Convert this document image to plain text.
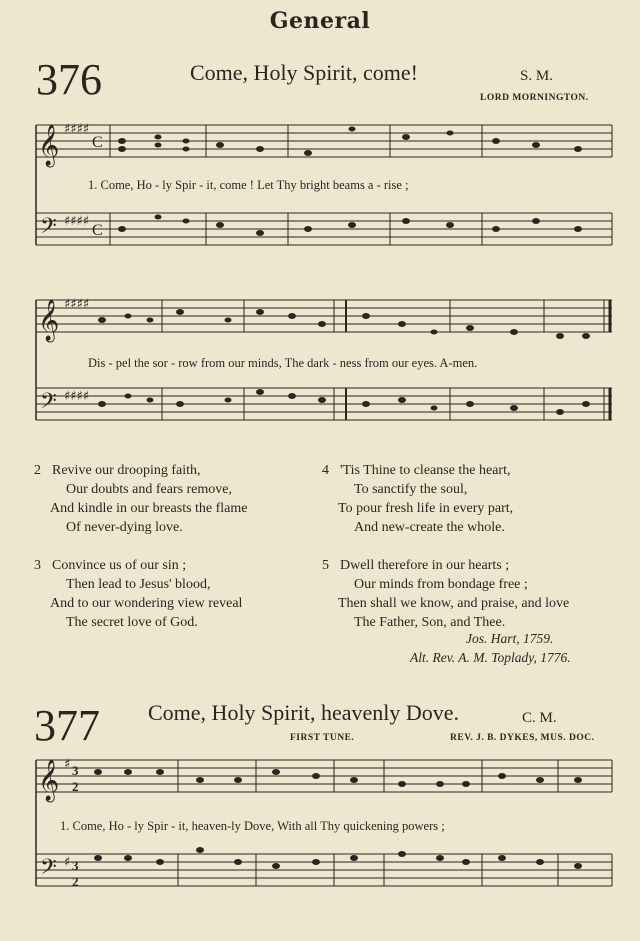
General
376	Come, Holy Spirit, come!	S. M.
LORD MORNINGTON.
𝄞
𝄢
♯♯♯♯
♯♯♯♯
C
C
1. Come, Ho - ly Spir - it, come ! Let Thy bright beams a - rise ;
𝄞
𝄢
♯♯♯♯
♯♯♯♯
Dis - pel the sor - row from our minds, The dark - ness from our eyes. A-men.
2 Revive our drooping faith,
Our doubts and fears remove,
And kindle in our breasts the flame
Of never-dying love.
3 Convince us of our sin ;
Then lead to Jesus' blood,
And to our wondering view reveal
The secret love of God.
4 'Tis Thine to cleanse the heart,
To sanctify the soul,
To pour fresh life in every part,
And new-create the whole.
5 Dwell therefore in our hearts ;
Our minds from bondage free ;
Then shall we know, and praise, and love
The Father, Son, and Thee.
Jos. Hart, 1759.
Alt. Rev. A. M. Toplady, 1776.
377 Come, Holy Spirit, heavenly Dove.	C. M.
FIRST TUNE.	REV. J. B. DYKES, MUS. DOC.
𝄞
𝄢
♯
♯
3
2
3
2
1. Come, Ho - ly Spir - it, heaven-ly Dove, With all Thy quickening powers ;
